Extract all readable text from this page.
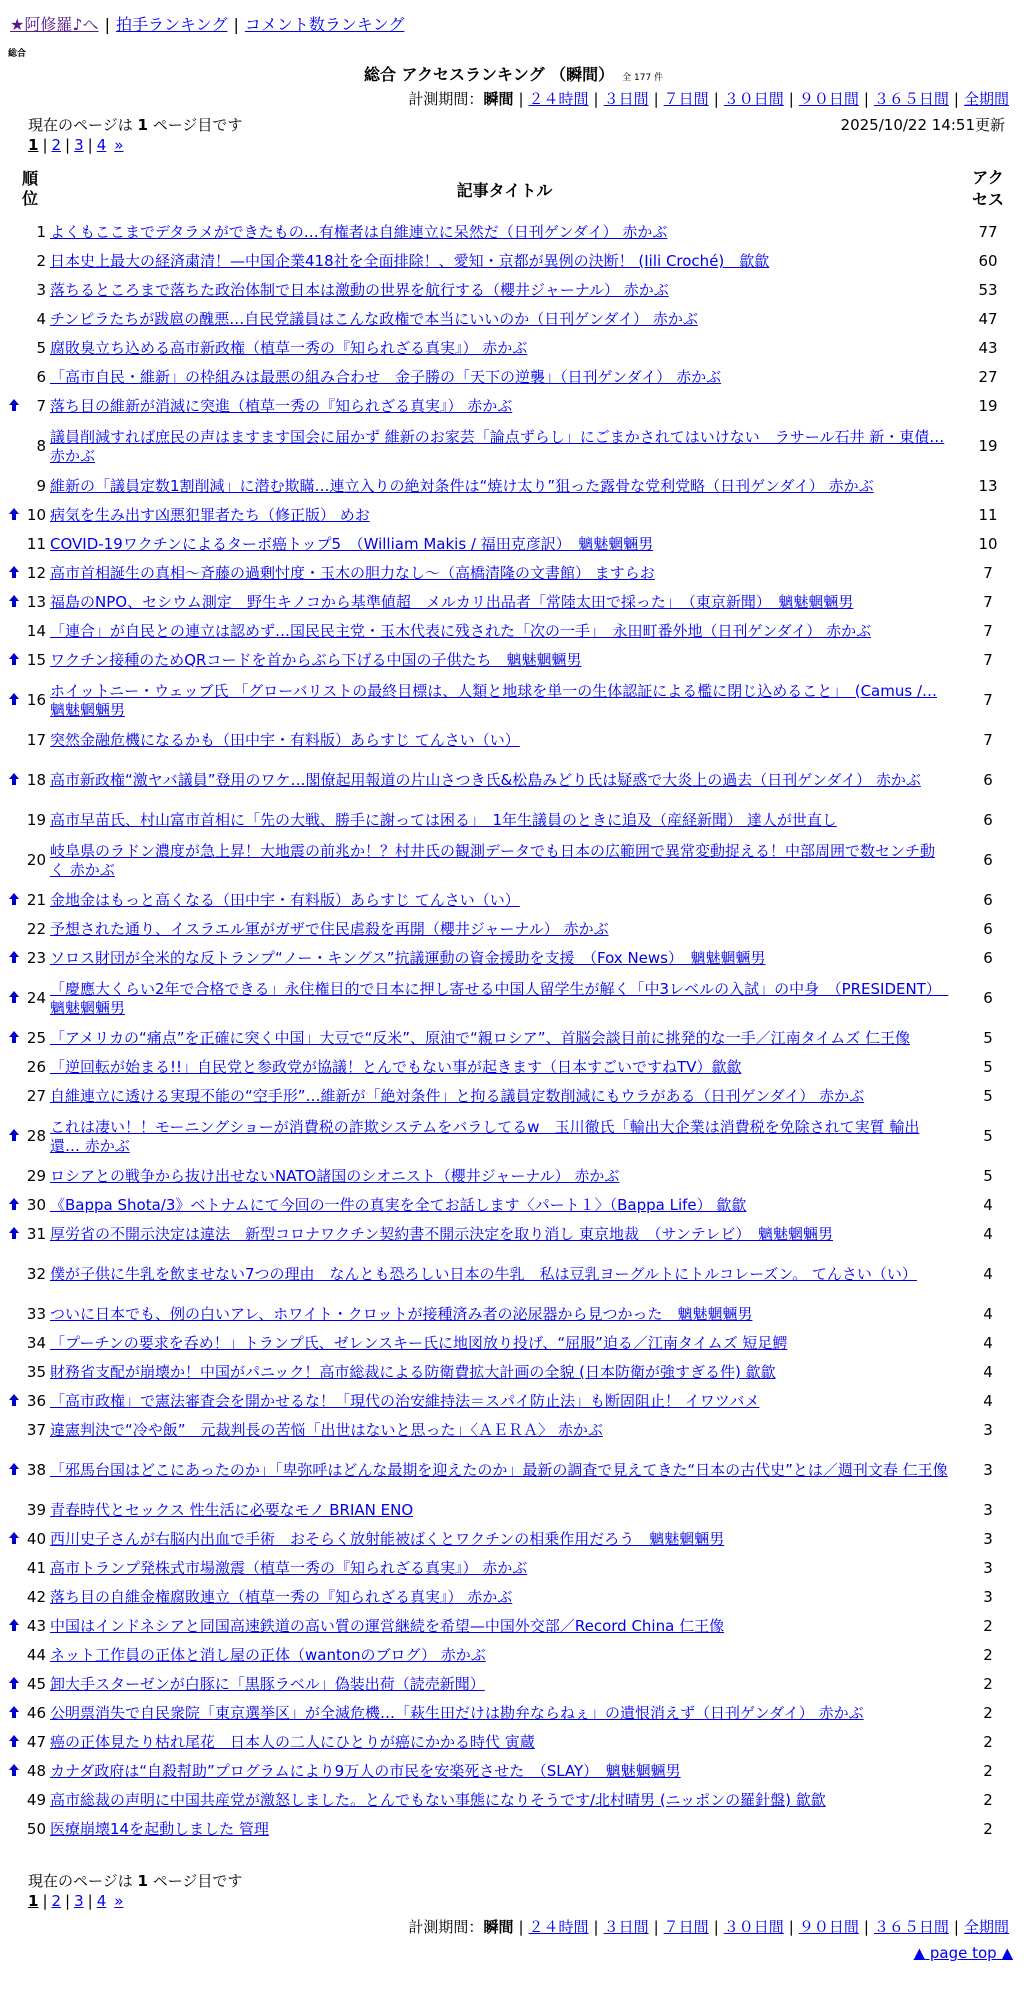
★阿修羅♪へ | 拍手ランキング | コメント数ランキング
総合
総合 アクセスランキング （瞬間） 全 177 件
計測期間：瞬間 | ２４時間 | ３日間 | ７日間 | ３０日間 | ９０日間 | ３６５日間 | 全期間
現在のページは 1 ページ目です	2025/10/22 14:51更新
1 | 2 | 3 | 4 »
順位		記事タイトル	アクセス

	1	よくもここまでデタラメができたもの…有権者は自維連立に呆然だ（日刊ゲンダイ） 赤かぶ	77
	2	日本史上最大の経済粛清！—中国企業418社を全面排除！、愛知・京都が異例の決断！ (Iili Croché)　歙歙	60
	3	落ちるところまで落ちた政治体制で日本は激動の世界を航行する（櫻井ジャーナル） 赤かぶ	53
	4	チンピラたちが跋扈の醜悪…自民党議員はこんな政権で本当にいいのか（日刊ゲンダイ） 赤かぶ	47
	5	腐敗臭立ち込める高市新政権（植草一秀の『知られざる真実』） 赤かぶ	43
	6	「高市自民・維新」の枠組みは最悪の組み合わせ　金子勝の「天下の逆襲」（日刊ゲンダイ） 赤かぶ	27
	7	落ち目の維新が消滅に突進（植草一秀の『知られざる真実』） 赤かぶ	19
	8	議員削減すれば庶民の声はますます国会に届かず 維新のお家芸「論点ずらし」にごまかされてはいけない　ラサール石井 新・東債… 赤かぶ	19
	9	維新の「議員定数1割削減」に潜む欺瞞…連立入りの絶対条件は“焼け太り”狙った露骨な党利党略（日刊ゲンダイ） 赤かぶ	13
	10	病気を生み出す凶悪犯罪者たち（修正版） めお	11
	11	COVID-19ワクチンによるターボ癌トップ5　（William Makis / 福田克彦訳）　魑魅魍魎男	10
	12	高市首相誕生の真相〜斉藤の過剰忖度・玉木の胆力なし〜（高橋清隆の文書館） ますらお	7
	13	福島のNPO、セシウム測定　野生キノコから基準値超　メルカリ出品者「常陸太田で採った」　（東京新聞）　魑魅魍魎男	7
	14	「連合」が自民との連立は認めず…国民民主党・玉木代表に残された「次の一手」　永田町番外地（日刊ゲンダイ） 赤かぶ	7
	15	ワクチン接種のためQRコードを首からぶら下げる中国の子供たち　魑魅魍魎男	7
	16	ホイットニー・ウェッブ氏 「グローバリストの最終目標は、人類と地球を単一の生体認証による檻に閉じ込めること」　(Camus /… 魑魅魍魎男	7
	17	突然金融危機になるかも（田中宇・有料版）あらすじ てんさい（い）	7
	18	高市新政権“激ヤバ議員”登用のワケ…閣僚起用報道の片山さつき氏&松島みどり氏は疑惑で大炎上の過去（日刊ゲンダイ） 赤かぶ	6
	19	高市早苗氏、村山富市首相に「先の大戦、勝手に謝っては困る」　1年生議員のときに追及（産経新聞） 達人が世直し	6
	20	岐阜県のラドン濃度が急上昇！大地震の前兆か！？村井氏の観測データでも日本の広範囲で異常変動捉える！中部周囲で数センチ動く 赤かぶ	6
	21	金地金はもっと高くなる（田中宇・有料版）あらすじ てんさい（い）	6
	22	予想された通り、イスラエル軍がガザで住民虐殺を再開（櫻井ジャーナル） 赤かぶ	6
	23	ソロス財団が全米的な反トランプ“ノー・キングス”抗議運動の資金援助を支援　（Fox News）　魑魅魍魎男	6
	24	「慶應大くらい2年で合格できる」永住権目的で日本に押し寄せる中国人留学生が解く「中3レベルの入試」の中身　（PRESIDENT）　魑魅魍魎男	6
	25	「アメリカの“痛点”を正確に突く中国」大豆で“反米”、原油で“親ロシア”、首脳会談目前に挑発的な一手／江南タイムズ 仁王像	5
	26	「逆回転が始まる!!」自民党と参政党が協議！とんでもない事が起きます（日本すごいですねTV）歙歙	5
	27	自維連立に透ける実現不能の“空手形”…維新が「絶対条件」と拘る議員定数削減にもウラがある（日刊ゲンダイ） 赤かぶ	5
	28	これは凄い！！モーニングショーが消費税の詐欺システムをバラしてるw　玉川徹氏「輸出大企業は消費税を免除されて実質 輸出還… 赤かぶ	5
	29	ロシアとの戦争から抜け出せないNATO諸国のシオニスト（櫻井ジャーナル） 赤かぶ	5
	30	《Bappa Shota/3》ベトナムにて今回の一件の真実を全てお話します〈パート１〉（Bappa Life） 歙歙	4
	31	厚労省の不開示決定は違法　新型コロナワクチン契約書不開示決定を取り消し 東京地裁　（サンテレビ）　魑魅魍魎男	4
	32	僕が子供に牛乳を飲ませない7つの理由　なんとも恐ろしい日本の牛乳　私は豆乳ヨーグルトにトルコレーズン。 てんさい（い）	4
	33	ついに日本でも、例の白いアレ、ホワイト・クロットが接種済み者の泌尿器から見つかった　魑魅魍魎男	4
	34	「プーチンの要求を呑め！」トランプ氏、ゼレンスキー氏に地図放り投げ、“屈服”迫る／江南タイムズ 短足鰐	4
	35	財務省支配が崩壊か！中国がパニック！高市総裁による防衛費拡大計画の全貌 (日本防衛が強すぎる件) 歙歙	4
	36	「高市政権」で憲法審査会を開かせるな！「現代の治安維持法＝スパイ防止法」も断固阻止！ イワツバメ	4
	37	違憲判決で“冷や飯”　元裁判長の苦悩「出世はないと思った」〈ＡＥＲＡ〉 赤かぶ	3
	38	「邪馬台国はどこにあったのか」「卑弥呼はどんな最期を迎えたのか」最新の調査で見えてきた“日本の古代史”とは／週刊文春 仁王像	3
	39	青春時代とセックス 性生活に必要なモノ BRIAN ENO	3
	40	西川史子さんが右脳内出血で手術　おそらく放射能被ばくとワクチンの相乗作用だろう　魑魅魍魎男	3
	41	高市トランプ発株式市場激震（植草一秀の『知られざる真実』） 赤かぶ	3
	42	落ち目の自維金権腐敗連立（植草一秀の『知られざる真実』） 赤かぶ	3
	43	中国はインドネシアと同国高速鉄道の高い質の運営継続を希望—中国外交部／Record China 仁王像	2
	44	ネット工作員の正体と消し屋の正体（wantonのブログ） 赤かぶ	2
	45	卸大手スターゼンが白豚に「黒豚ラベル」偽装出荷（読売新聞）	2
	46	公明票消失で自民衆院「東京選挙区」が全滅危機…「萩生田だけは勘弁ならねぇ」の遺恨消えず（日刊ゲンダイ） 赤かぶ	2
	47	癌の正体見たり枯れ尾花　日本人の二人にひとりが癌にかかる時代 寅蔵	2
	48	カナダ政府は“自殺幇助”プログラムにより9万人の市民を安楽死させた　（SLAY）　魑魅魍魎男	2
	49	高市総裁の声明に中国共産党が激怒しました。とんでもない事態になりそうです/北村晴男 (ニッポンの羅針盤) 歙歙	2
	50	医療崩壊14を起動しました 管理	2
現在のページは 1 ページ目です
1 | 2 | 3 | 4 »
計測期間：瞬間 | ２４時間 | ３日間 | ７日間 | ３０日間 | ９０日間 | ３６５日間 | 全期間
▲ page top ▲
